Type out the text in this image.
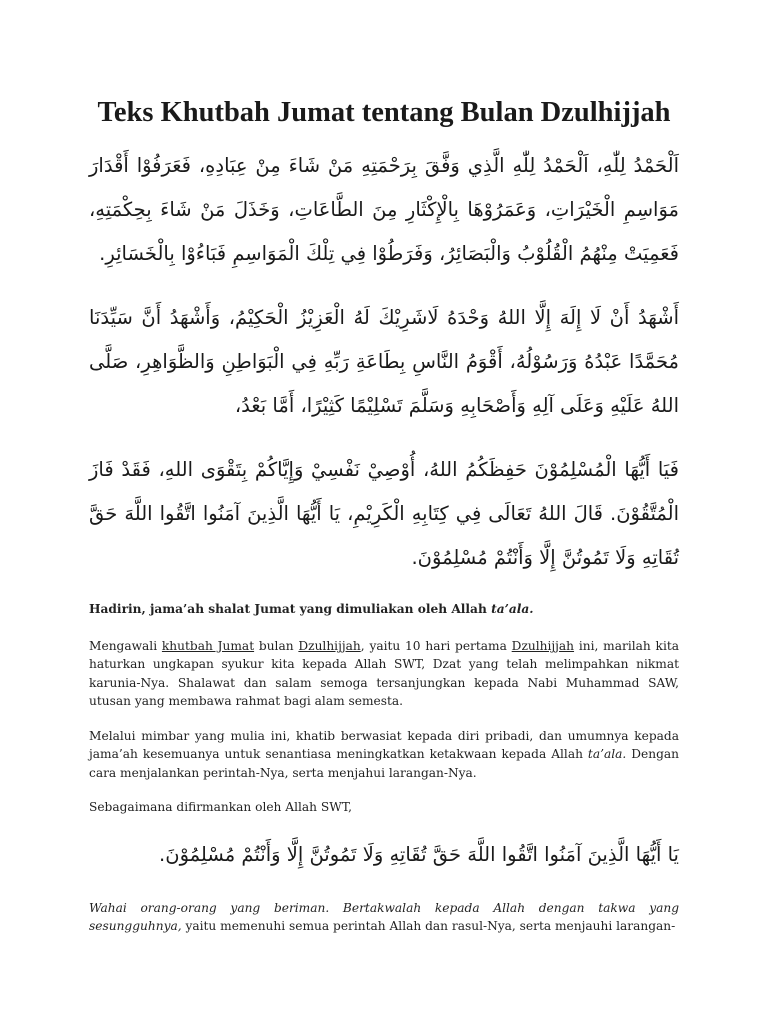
Teks Khutbah Jumat tentang Bulan Dzulhijjah

اَلْحَمْدُ لِلّٰهِ، اَلْحَمْدُ لِلّٰهِ الَّذِي وَفَّقَ بِرَحْمَتِهِ مَنْ شَاءَ مِنْ عِبَادِهِ، فَعَرَفُوْا أَقْدَارَ مَوَاسِمِ الْخَيْرَاتِ، وَعَمَرُوْهَا بِالْإِكْثَارِ مِنَ الطَّاعَاتِ، وَخَذَلَ مَنْ شَاءَ بِحِكْمَتِهِ، فَعَمِيَتْ مِنْهُمُ الْقُلُوْبُ وَالْبَصَائِرُ، وَفَرَطُوْا فِي تِلْكَ الْمَوَاسِمِ فَبَاءُوْا بِالْخَسَائِرِ.

أَشْهَدُ أَنْ لَا إِلَهَ إِلَّا اللهُ وَحْدَهُ لَاشَرِيْكَ لَهُ الْعَزِيْزُ الْحَكِيْمُ، وَأَشْهَدُ أَنَّ سَيِّدَنَا مُحَمَّدًا عَبْدُهُ وَرَسُوْلُهُ، أَقْوَمُ النَّاسِ بِطَاعَةِ رَبِّهِ فِي الْبَوَاطِنِ وَالظَّوَاهِرِ، صَلَّى اللهُ عَلَيْهِ وَعَلَى آلِهِ وَأَصْحَابِهِ وَسَلَّمَ تَسْلِيْمًا كَثِيْرًا، أَمَّا بَعْدُ،

فَيَا أَيُّهَا الْمُسْلِمُوْنَ حَفِظَكُمُ اللهُ، أُوْصِيْ نَفْسِيْ وَإِيَّاكُمْ بِتَقْوَى اللهِ، فَقَدْ فَازَ الْمُتَّقُوْنَ. قَالَ اللهُ تَعَالَى فِي كِتَابِهِ الْكَرِيْمِ، يَا أَيُّهَا الَّذِينَ آمَنُوا اتَّقُوا اللَّهَ حَقَّ تُقَاتِهِ وَلَا تَمُوتُنَّ إِلَّا وَأَنْتُمْ مُسْلِمُوْنَ.

Hadirin, jama’ah shalat Jumat yang dimuliakan oleh Allah ta’ala.

Mengawali khutbah Jumat bulan Dzulhijjah, yaitu 10 hari pertama Dzulhijjah ini, marilah kita haturkan ungkapan syukur kita kepada Allah SWT, Dzat yang telah melimpahkan nikmat karunia-Nya. Shalawat dan salam semoga tersanjungkan kepada Nabi Muhammad SAW, utusan yang membawa rahmat bagi alam semesta.

Melalui mimbar yang mulia ini, khatib berwasiat kepada diri pribadi, dan umumnya kepada jama’ah kesemuanya untuk senantiasa meningkatkan ketakwaan kepada Allah ta’ala. Dengan cara menjalankan perintah-Nya, serta menjahui larangan-Nya.

Sebagaimana difirmankan oleh Allah SWT,

يَا أَيُّهَا الَّذِينَ آمَنُوا اتَّقُوا اللَّهَ حَقَّ تُقَاتِهِ وَلَا تَمُوتُنَّ إِلَّا وَأَنْتُمْ مُسْلِمُوْنَ.

Wahai orang-orang yang beriman. Bertakwalah kepada Allah dengan takwa yang sesungguhnya, yaitu memenuhi semua perintah Allah dan rasul-Nya, serta menjauhi larangan-
